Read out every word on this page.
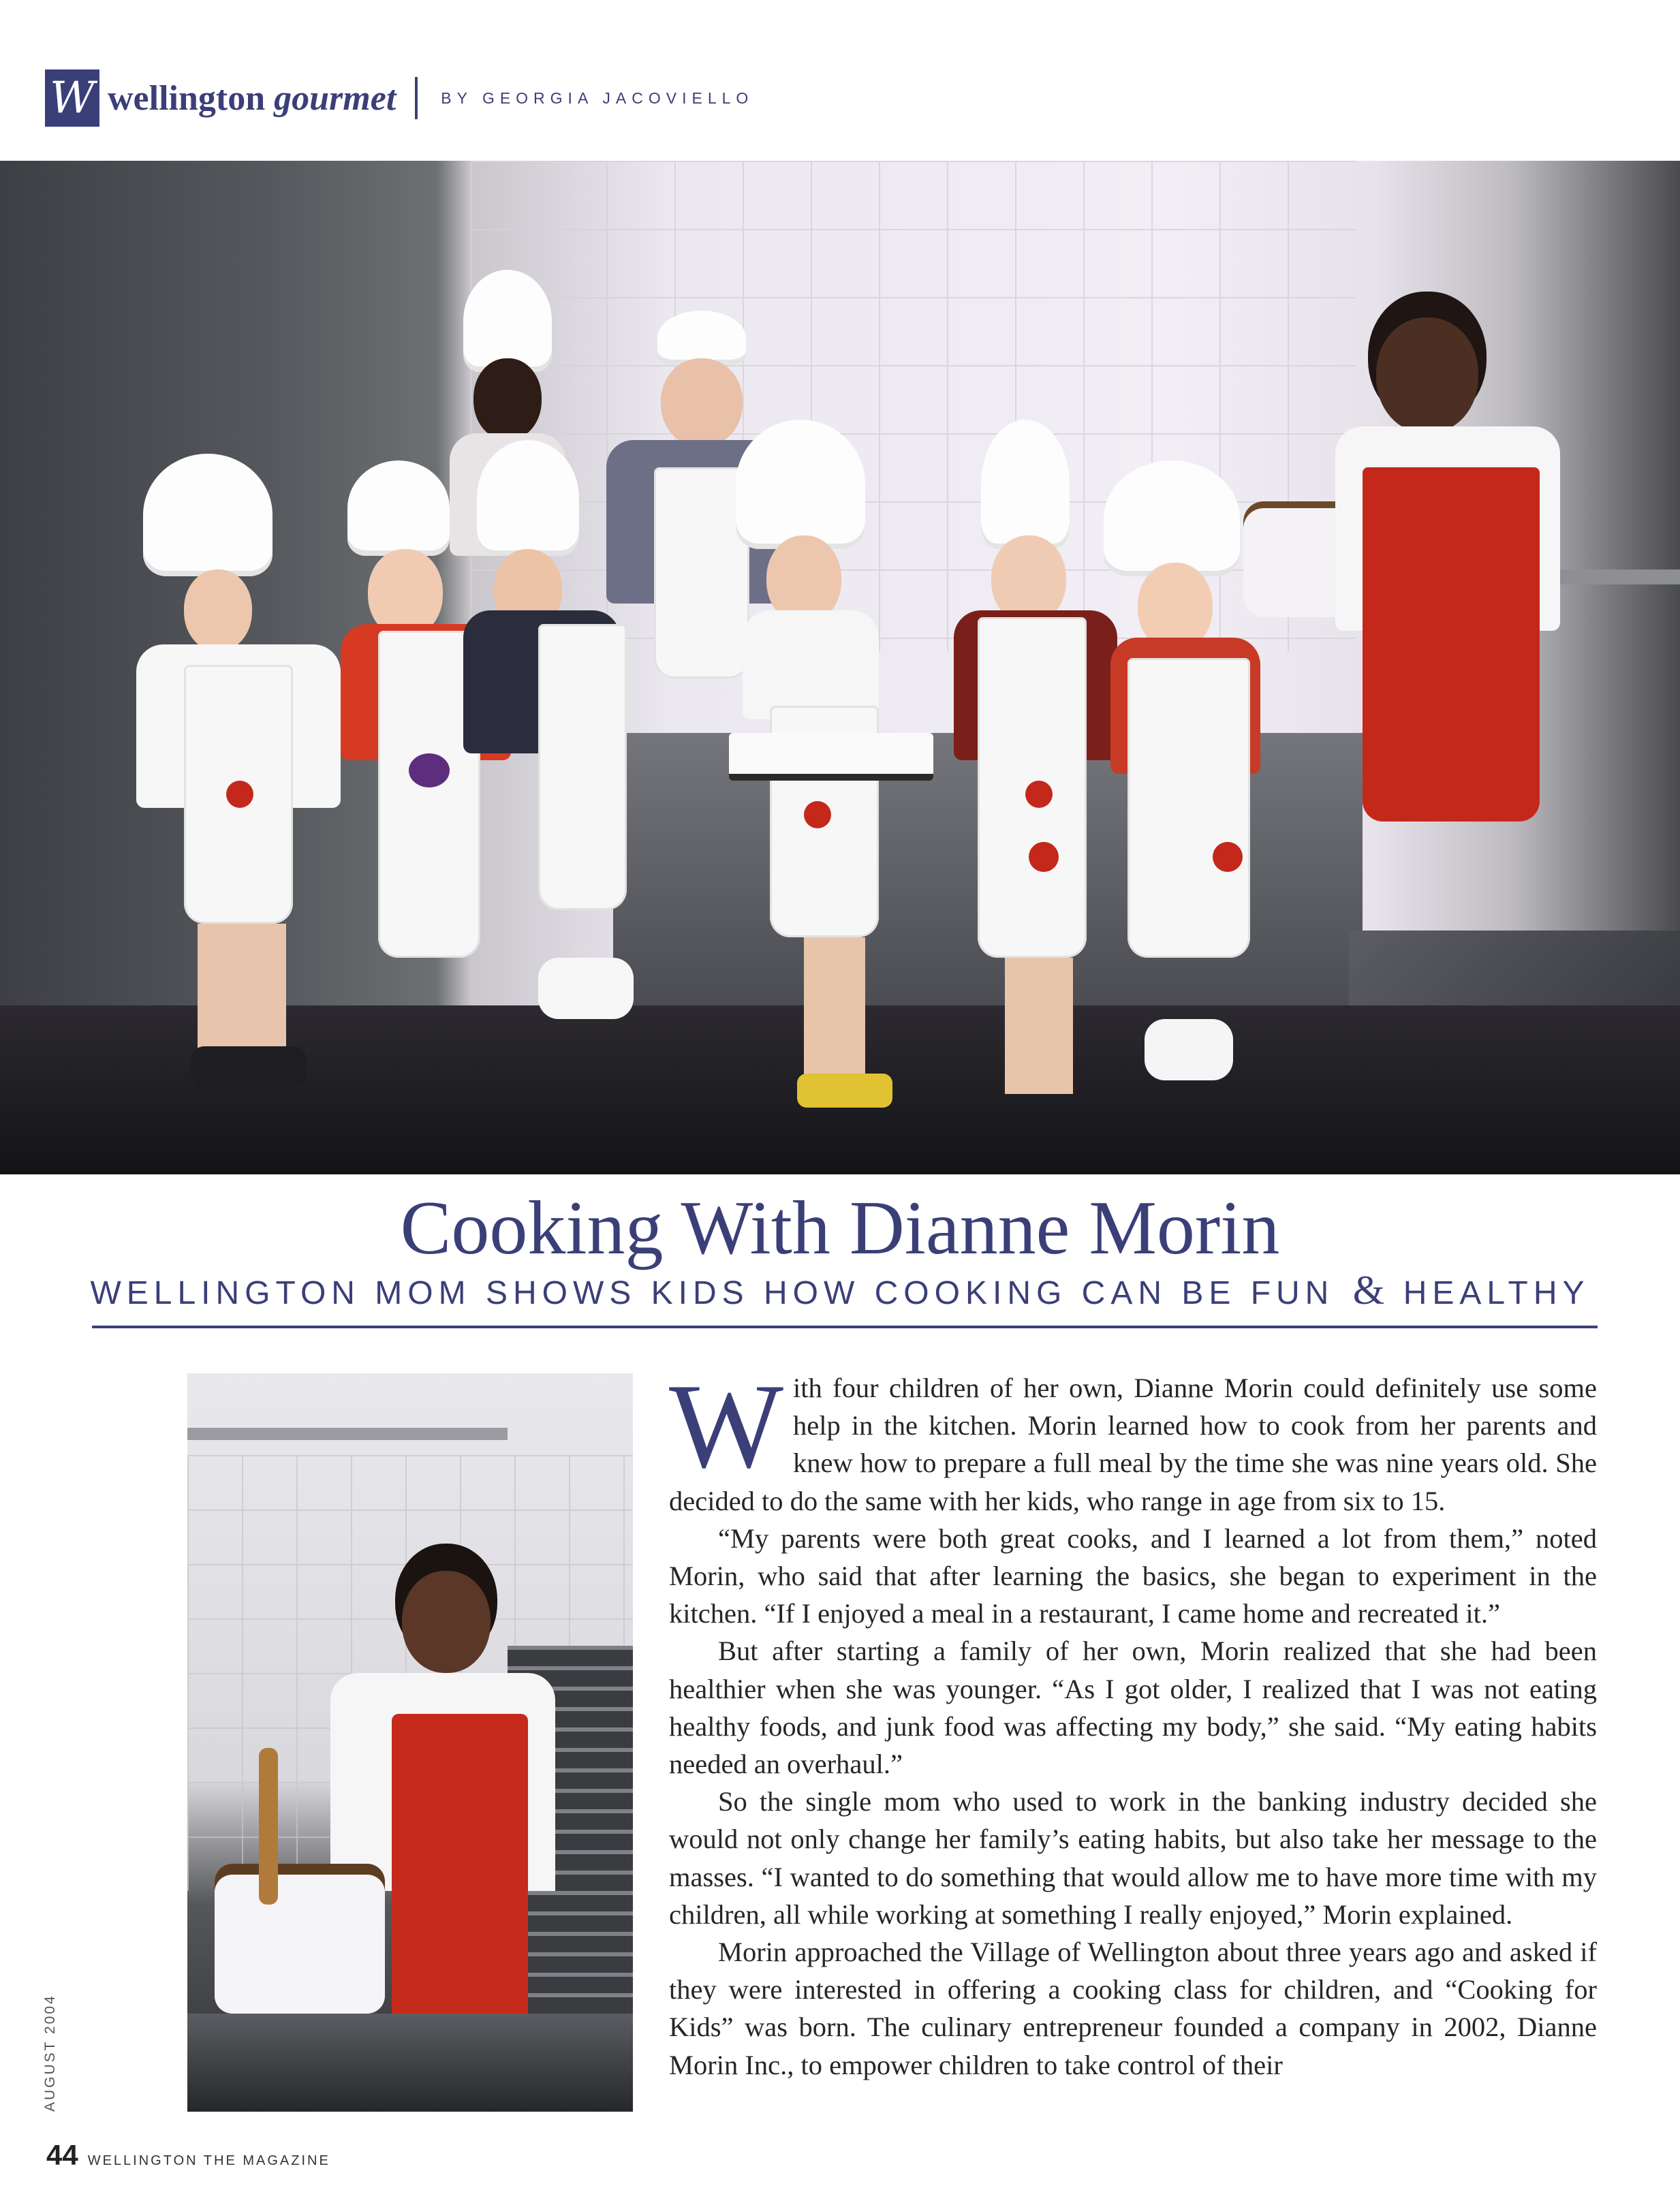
W wellington gourmet	BY GEORGIA JACOVIELLO
Cooking With Dianne Morin
WELLINGTON MOM SHOWS KIDS HOW COOKING CAN BE FUN & HEALTHY
W ith four children of her own, Dianne Morin could definitely use some help in the kitchen. Morin learned how to cook from her parents and knew how to prepare a full meal by the time she was nine years old. She decided to do the same with her kids, who range in age from six to 15.

“My parents were both great cooks, and I learned a lot from them,” noted Morin, who said that after learning the basics, she began to experiment in the kitchen. “If I enjoyed a meal in a restaurant, I came home and recreated it.”

But after starting a family of her own, Morin realized that she had been healthier when she was younger. “As I got older, I realized that I was not eating healthy foods, and junk food was affecting my body,” she said. “My eating habits needed an overhaul.”

So the single mom who used to work in the banking industry decided she would not only change her family’s eating habits, but also take her message to the masses. “I wanted to do something that would allow me to have more time with my children, all while working at something I really enjoyed,” Morin explained.

Morin approached the Village of Wellington about three years ago and asked if they were interested in offering a cooking class for children, and “Cooking for Kids” was born. The culinary entrepreneur founded a company in 2002, Dianne Morin Inc., to empower children to take control of their

AUGUST 2004
44 WELLINGTON THE MAGAZINE
